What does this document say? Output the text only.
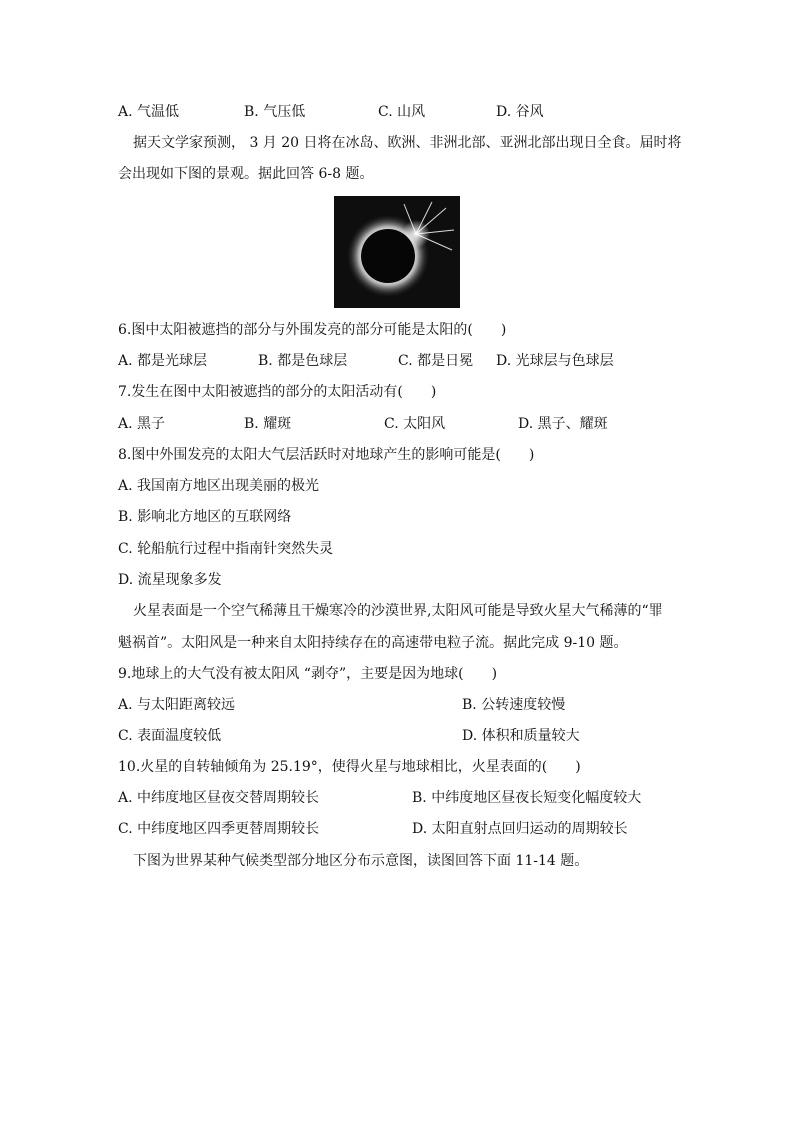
A. 气温低	B. 气压低	C. 山风	D. 谷风
据天文学家预测， 3 月 20 日将在冰岛、欧洲、非洲北部、亚洲北部出现日全食。届时将
会出现如下图的景观。据此回答 6-8 题。
6.图中太阳被遮挡的部分与外围发亮的部分可能是太阳的(　　)
A. 都是光球层	B. 都是色球层	C. 都是日冕 D. 光球层与色球层
7.发生在图中太阳被遮挡的部分的太阳活动有(　　)
A. 黑子	B. 耀斑	C. 太阳风	D. 黑子、耀斑
8.图中外围发亮的太阳大气层活跃时对地球产生的影响可能是(　　)
A. 我国南方地区出现美丽的极光
B. 影响北方地区的互联网络
C. 轮船航行过程中指南针突然失灵
D. 流星现象多发
火星表面是一个空气稀薄且干燥寒冷的沙漠世界,太阳风可能是导致火星大气稀薄的“罪
魁祸首”。太阳风是一种来自太阳持续存在的高速带电粒子流。据此完成 9-10 题。
9.地球上的大气没有被太阳风 “剥夺”，主要是因为地球(　　)
A. 与太阳距离较远	B. 公转速度较慢
C. 表面温度较低	D. 体积和质量较大
10.火星的自转轴倾角为 25.19°，使得火星与地球相比，火星表面的(　　)
A. 中纬度地区昼夜交替周期较长	B. 中纬度地区昼夜长短变化幅度较大
C. 中纬度地区四季更替周期较长	D. 太阳直射点回归运动的周期较长
下图为世界某种气候类型部分地区分布示意图，读图回答下面 11-14 题。
